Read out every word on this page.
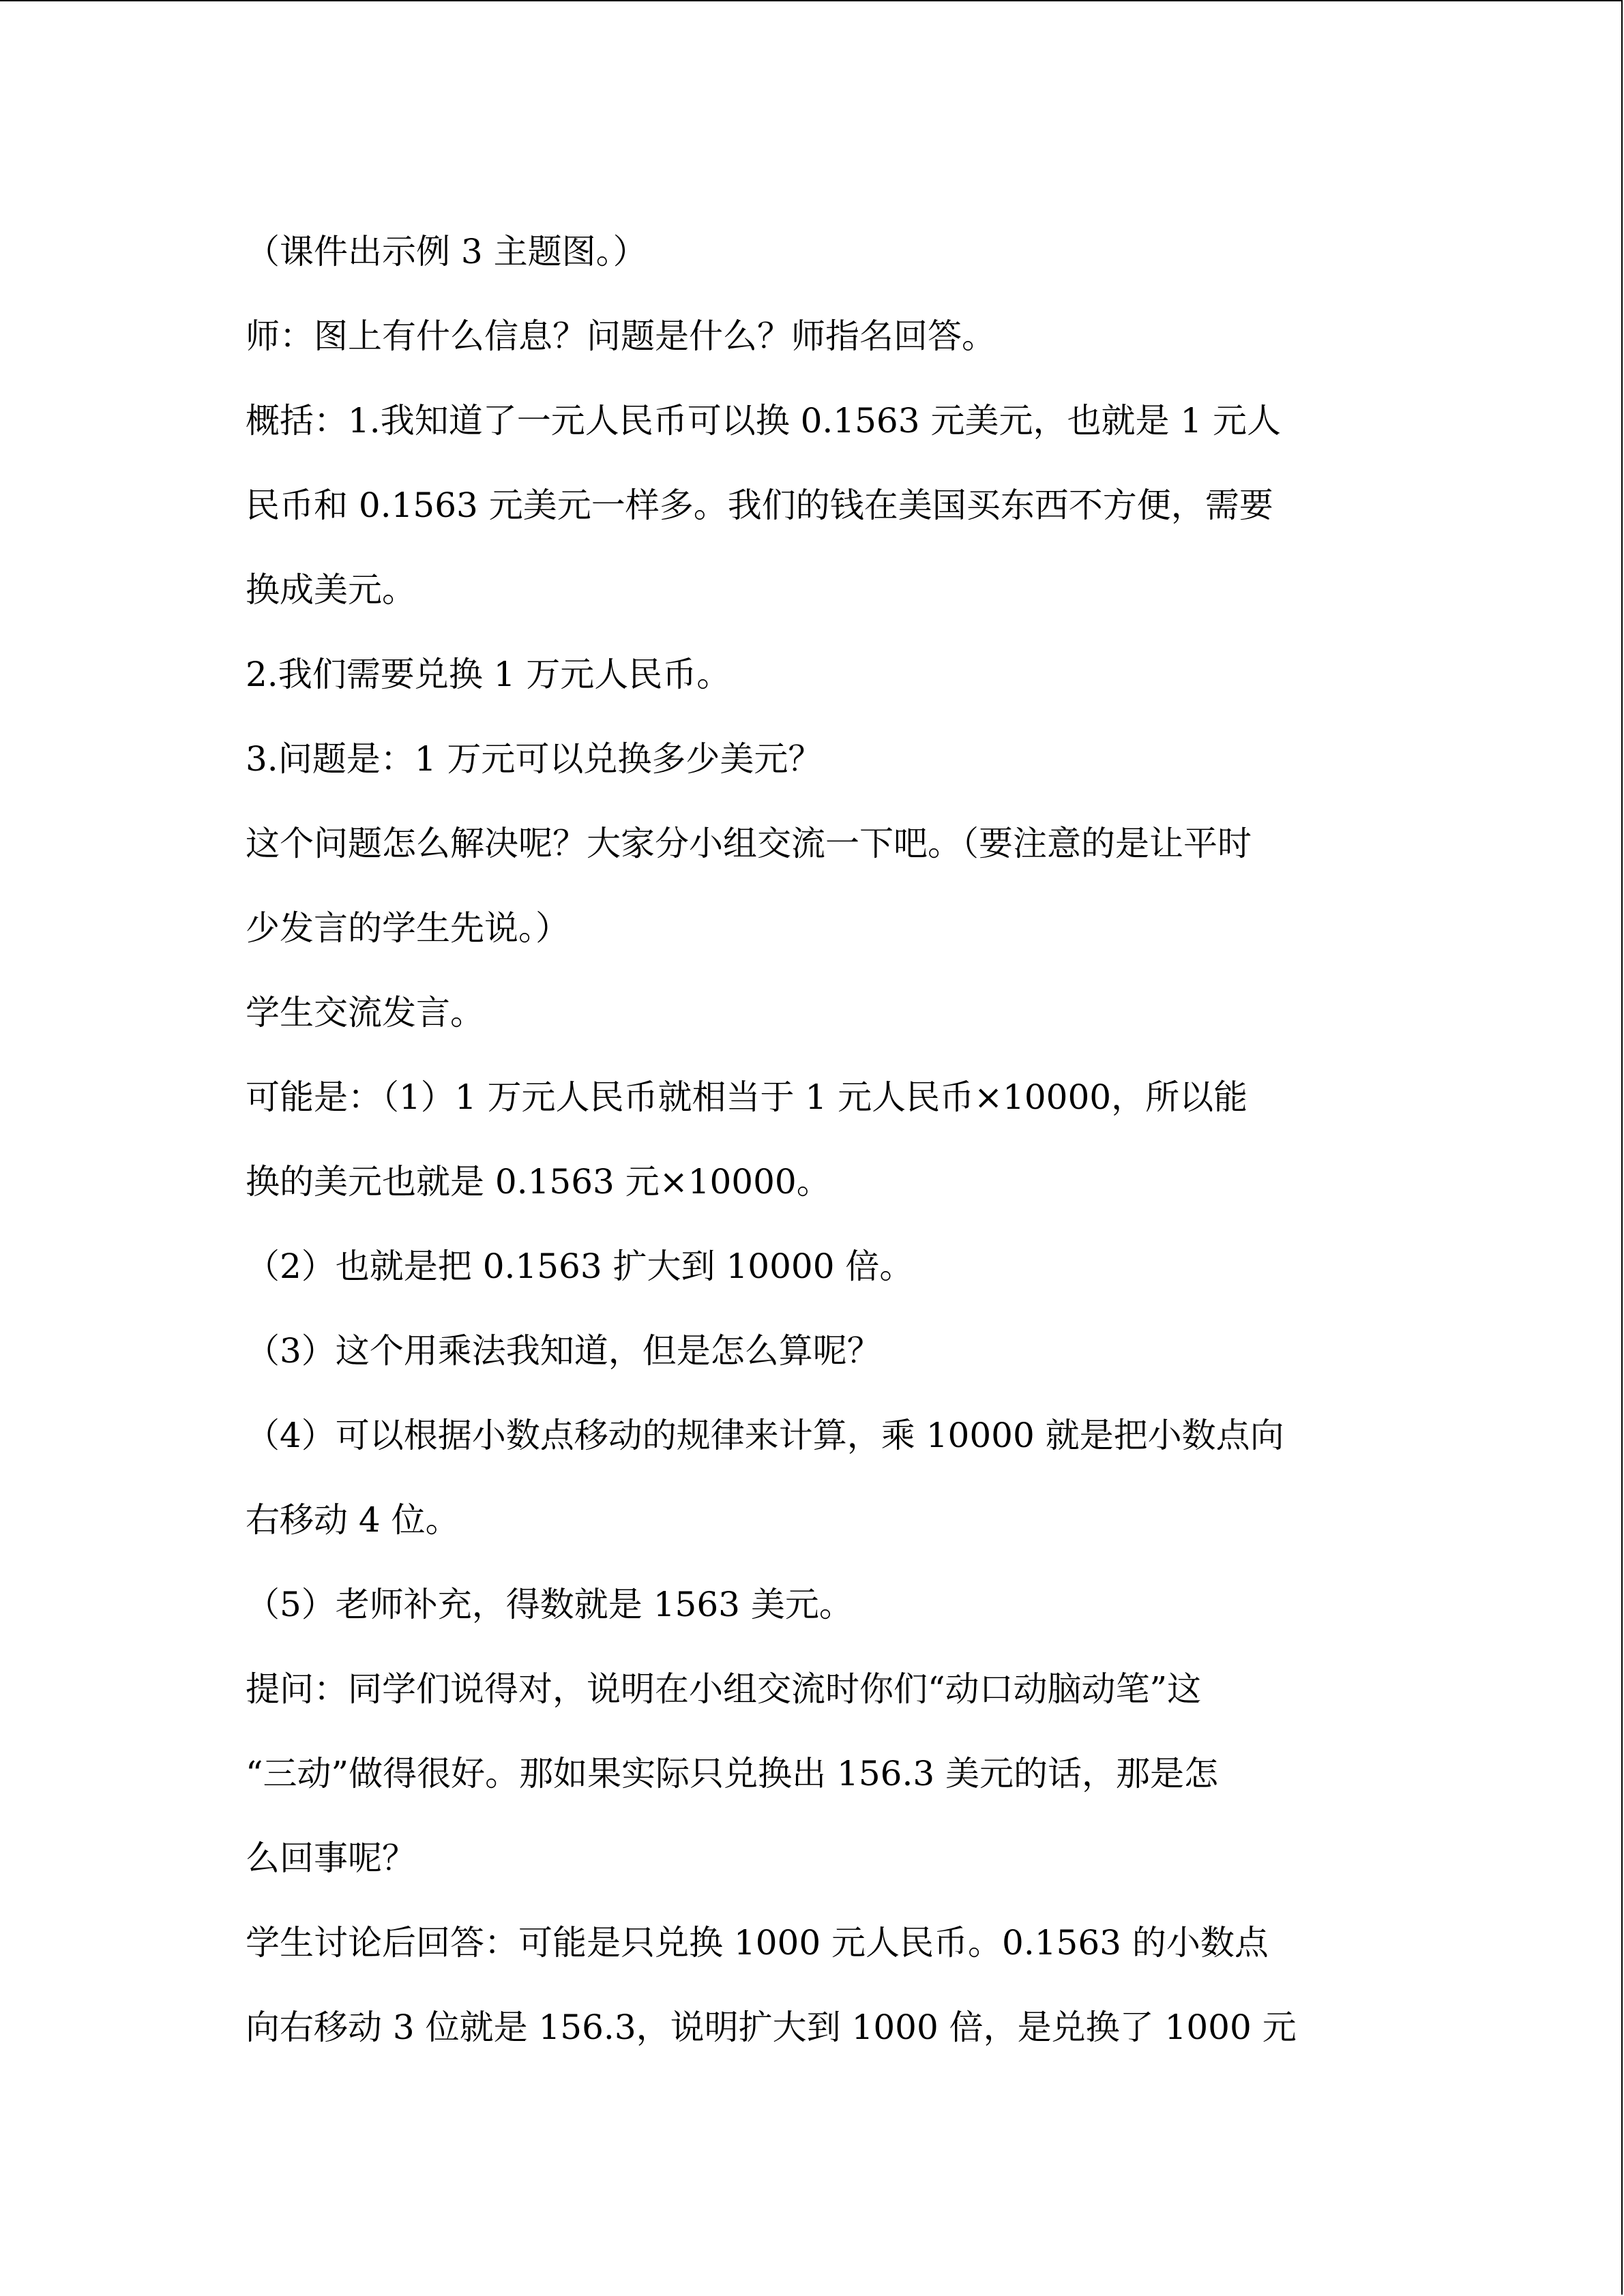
（课件出示例 3 主题图。）
师：图上有什么信息？问题是什么？师指名回答。
概括：1.我知道了一元人民币可以换 0.1563 元美元，也就是 1 元人
民币和 0.1563 元美元一样多。我们的钱在美国买东西不方便，需要
换成美元。
2.我们需要兑换 1 万元人民币。
3.问题是：1 万元可以兑换多少美元？
这个问题怎么解决呢？大家分小组交流一下吧。（要注意的是让平时
少发言的学生先说。）
学生交流发言。
可能是：（1）1 万元人民币就相当于 1 元人民币×10000，所以能
换的美元也就是 0.1563 元×10000。
（2）也就是把 0.1563 扩大到 10000 倍。
（3）这个用乘法我知道，但是怎么算呢？
（4）可以根据小数点移动的规律来计算，乘 10000 就是把小数点向
右移动 4 位。
（5）老师补充，得数就是 1563 美元。
提问：同学们说得对，说明在小组交流时你们“动口动脑动笔”这
“三动”做得很好。那如果实际只兑换出 156.3 美元的话，那是怎
么回事呢？
学生讨论后回答：可能是只兑换 1000 元人民币。0.1563 的小数点
向右移动 3 位就是 156.3，说明扩大到 1000 倍，是兑换了 1000 元
